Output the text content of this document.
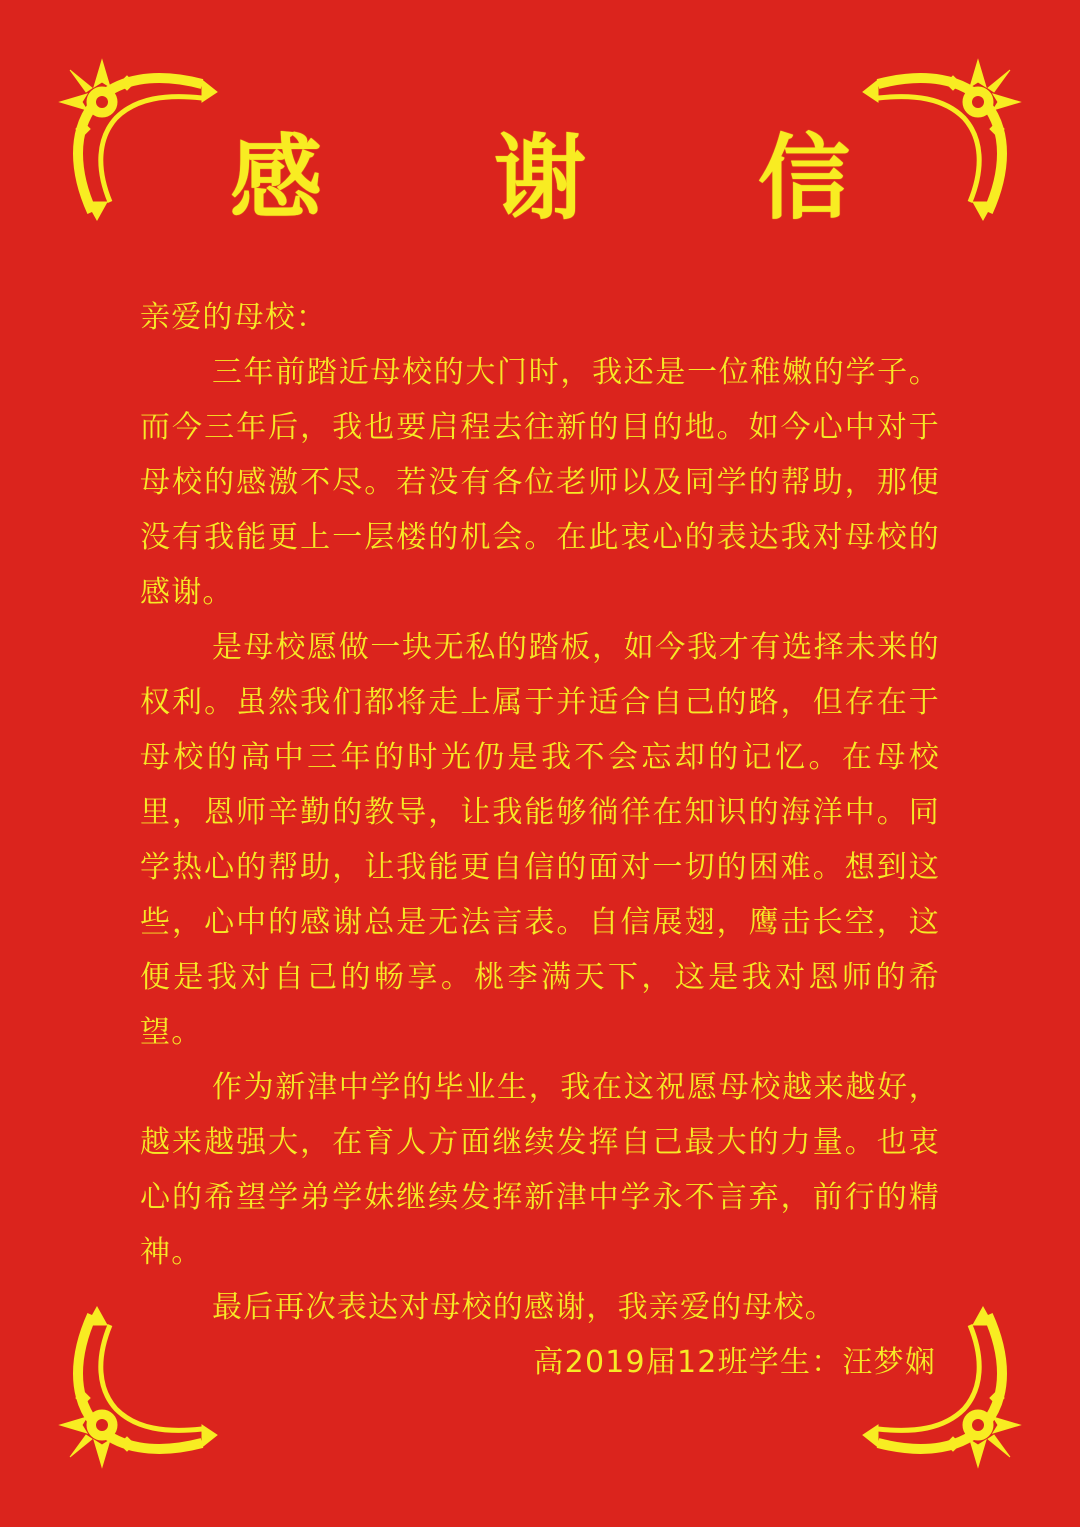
感 谢 信

亲爱的母校：

三年前踏近母校的大门时，我还是一位稚嫩的学子。而今三年后，我也要启程去往新的目的地。如今心中对于母校的感激不尽。若没有各位老师以及同学的帮助，那便没有我能更上一层楼的机会。在此衷心的表达我对母校的感谢。

是母校愿做一块无私的踏板，如今我才有选择未来的权利。虽然我们都将走上属于并适合自己的路，但存在于母校的高中三年的时光仍是我不会忘却的记忆。在母校里，恩师辛勤的教导，让我能够徜徉在知识的海洋中。同学热心的帮助，让我能更自信的面对一切的困难。想到这些，心中的感谢总是无法言表。自信展翅，鹰击长空，这便是我对自己的畅享。桃李满天下，这是我对恩师的希望。

作为新津中学的毕业生，我在这祝愿母校越来越好，越来越强大，在育人方面继续发挥自己最大的力量。也衷心的希望学弟学妹继续发挥新津中学永不言弃，前行的精神。

最后再次表达对母校的感谢，我亲爱的母校。

高2019届12班学生：汪梦娴
